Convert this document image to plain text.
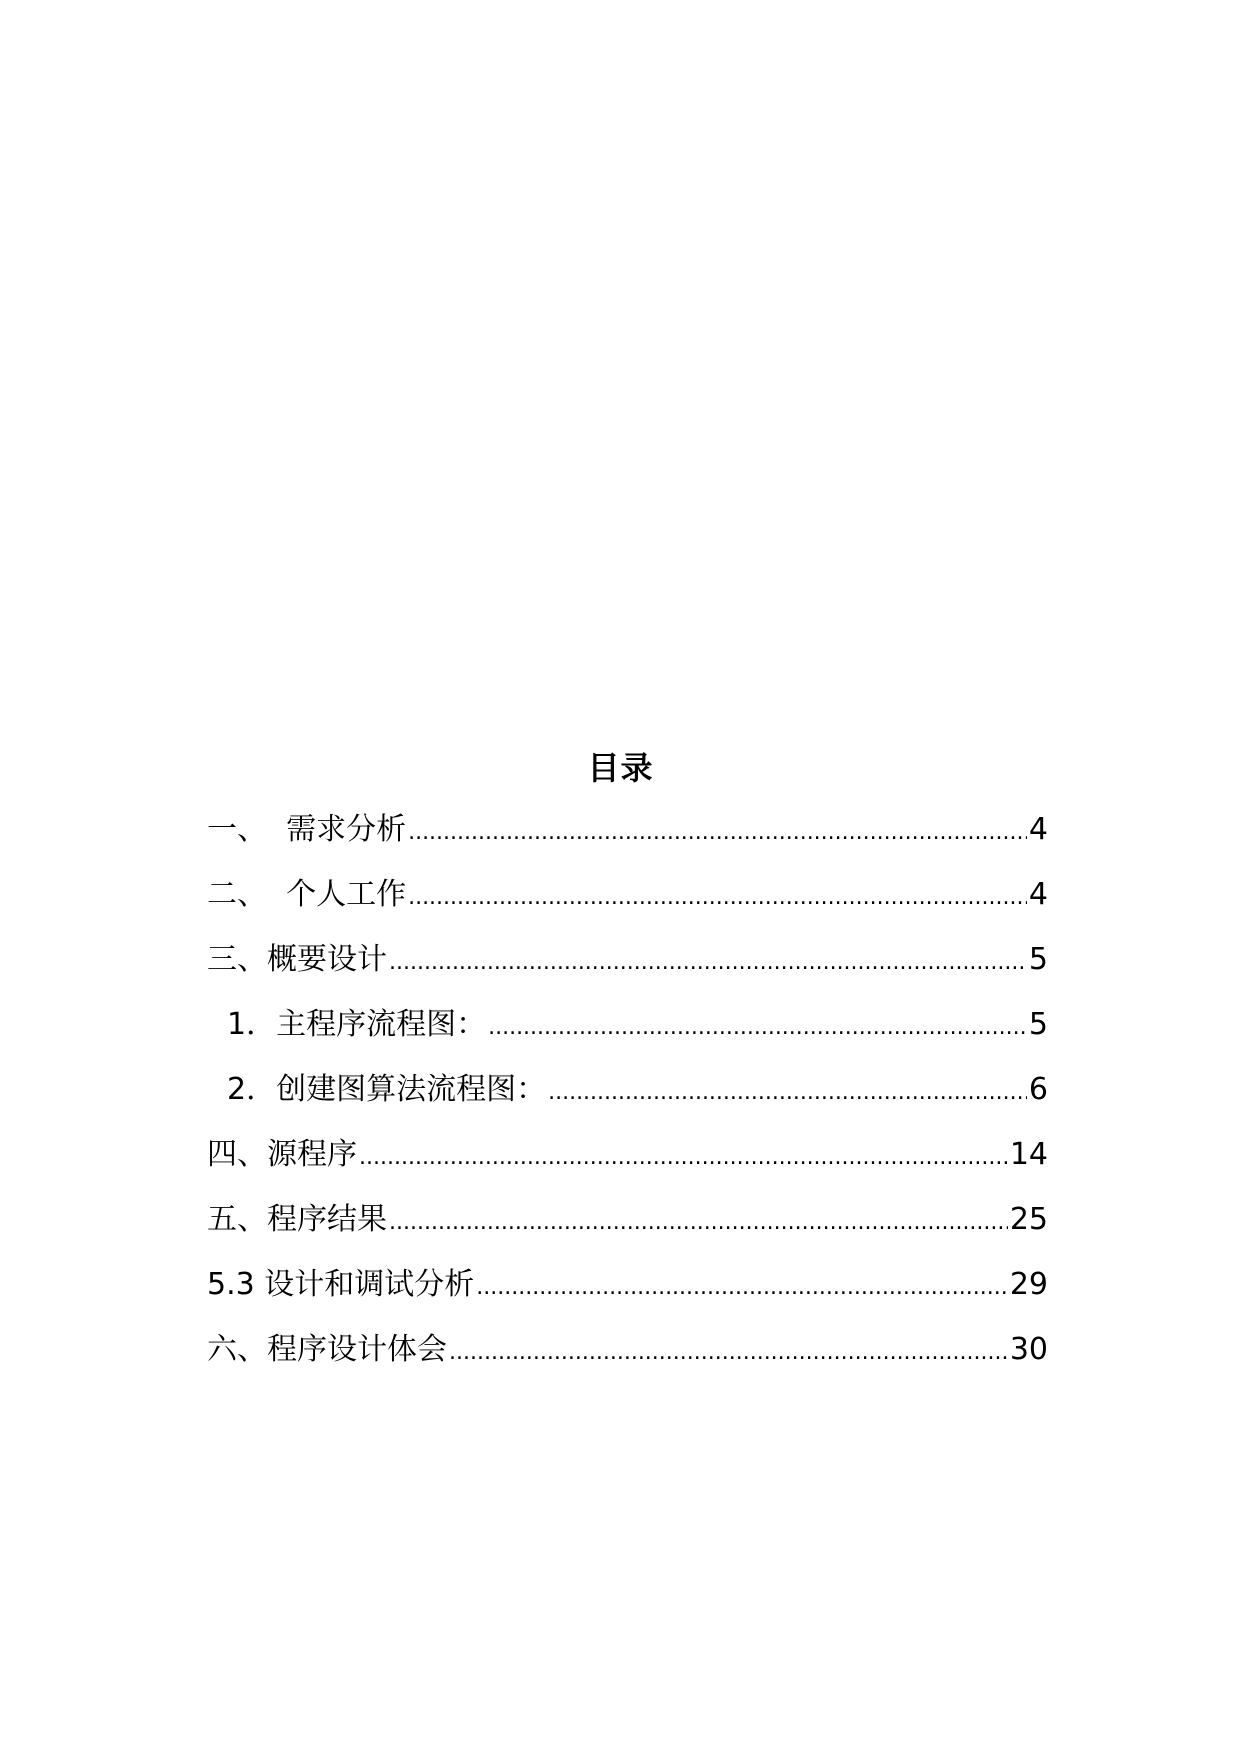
目录
一、  需求分析 .....	4
二、  个人工作 .....	4
三、概要设计 .....	5
1．主程序流程图： .....	5
2．创建图算法流程图： .....	6
四、源程序 .....	14
五、程序结果 .....	25
5.3 设计和调试分析 .....	29
六、程序设计体会 .....	30
